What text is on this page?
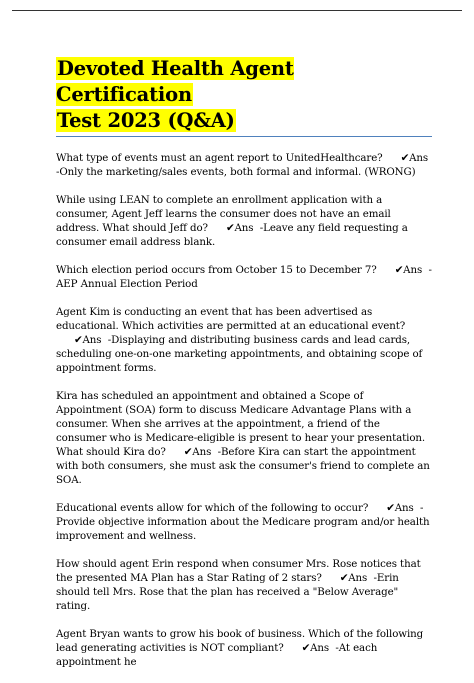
Devoted Health Agent Certification
Test 2023 (Q&A)

What type of events must an agent report to UnitedHealthcare? ✔Ans  -Only the marketing/sales events, both formal and informal. (WRONG)

While using LEAN to complete an enrollment application with a consumer, Agent Jeff learns the consumer does not have an email address. What should Jeff do? ✔Ans -Leave any field requesting a consumer email address blank.

Which election period occurs from October 15 to December 7? ✔Ans -AEP Annual Election Period

Agent Kim is conducting an event that has been advertised as educational. Which activities are permitted at an educational event?✔Ans -Displaying and distributing business cards and lead cards, scheduling one-on-one marketing appointments, and obtaining scope of appointment forms.

Kira has scheduled an appointment and obtained a Scope of Appointment (SOA) form to discuss Medicare Advantage Plans with a consumer. When she arrives at the appointment, a friend of the consumer who is Medicare-eligible is present to hear your presentation. What should Kira do? ✔Ans -Before Kira can start the appointment with both consumers, she must ask the consumer's friend to complete an SOA.

Educational events allow for which of the following to occur? ✔Ans -Provide objective information about the Medicare program and/or health improvement and wellness.

How should agent Erin respond when consumer Mrs. Rose notices that the presented MA Plan has a Star Rating of 2 stars? ✔Ans -Erin should tell Mrs. Rose that the plan has received a "Below Average" rating.

Agent Bryan wants to grow his book of business. Which of the following lead generating activities is NOT compliant? ✔Ans -At each appointment he
